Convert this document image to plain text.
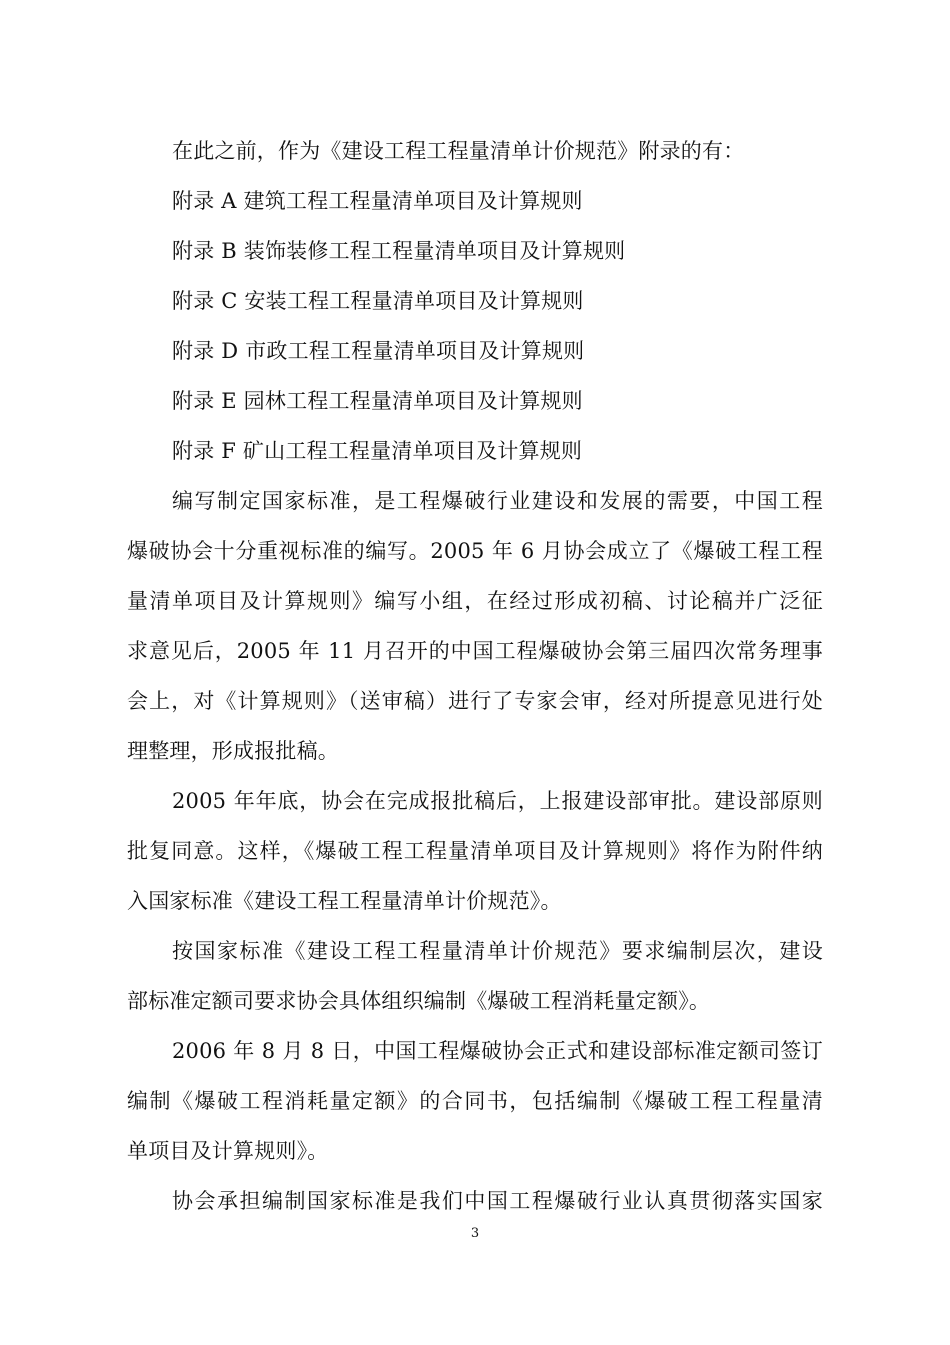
在此之前，作为《建设工程工程量清单计价规范》附录的有：
附录 A 建筑工程工程量清单项目及计算规则
附录 B 装饰装修工程工程量清单项目及计算规则
附录 C 安装工程工程量清单项目及计算规则
附录 D 市政工程工程量清单项目及计算规则
附录 E 园林工程工程量清单项目及计算规则
附录 F 矿山工程工程量清单项目及计算规则
编写制定国家标准，是工程爆破行业建设和发展的需要，中国工程
爆破协会十分重视标准的编写。2005 年 6 月协会成立了《爆破工程工程
量清单项目及计算规则》编写小组，在经过形成初稿、讨论稿并广泛征
求意见后，2005 年 11 月召开的中国工程爆破协会第三届四次常务理事
会上，对《计算规则》（送审稿）进行了专家会审，经对所提意见进行处
理整理，形成报批稿。
2005 年年底，协会在完成报批稿后，上报建设部审批。建设部原则
批复同意。这样，《爆破工程工程量清单项目及计算规则》将作为附件纳
入国家标准《建设工程工程量清单计价规范》。
按国家标准《建设工程工程量清单计价规范》要求编制层次，建设
部标准定额司要求协会具体组织编制《爆破工程消耗量定额》。
2006 年 8 月 8 日，中国工程爆破协会正式和建设部标准定额司签订
编制《爆破工程消耗量定额》的合同书，包括编制《爆破工程工程量清
单项目及计算规则》。
协会承担编制国家标准是我们中国工程爆破行业认真贯彻落实国家
3
